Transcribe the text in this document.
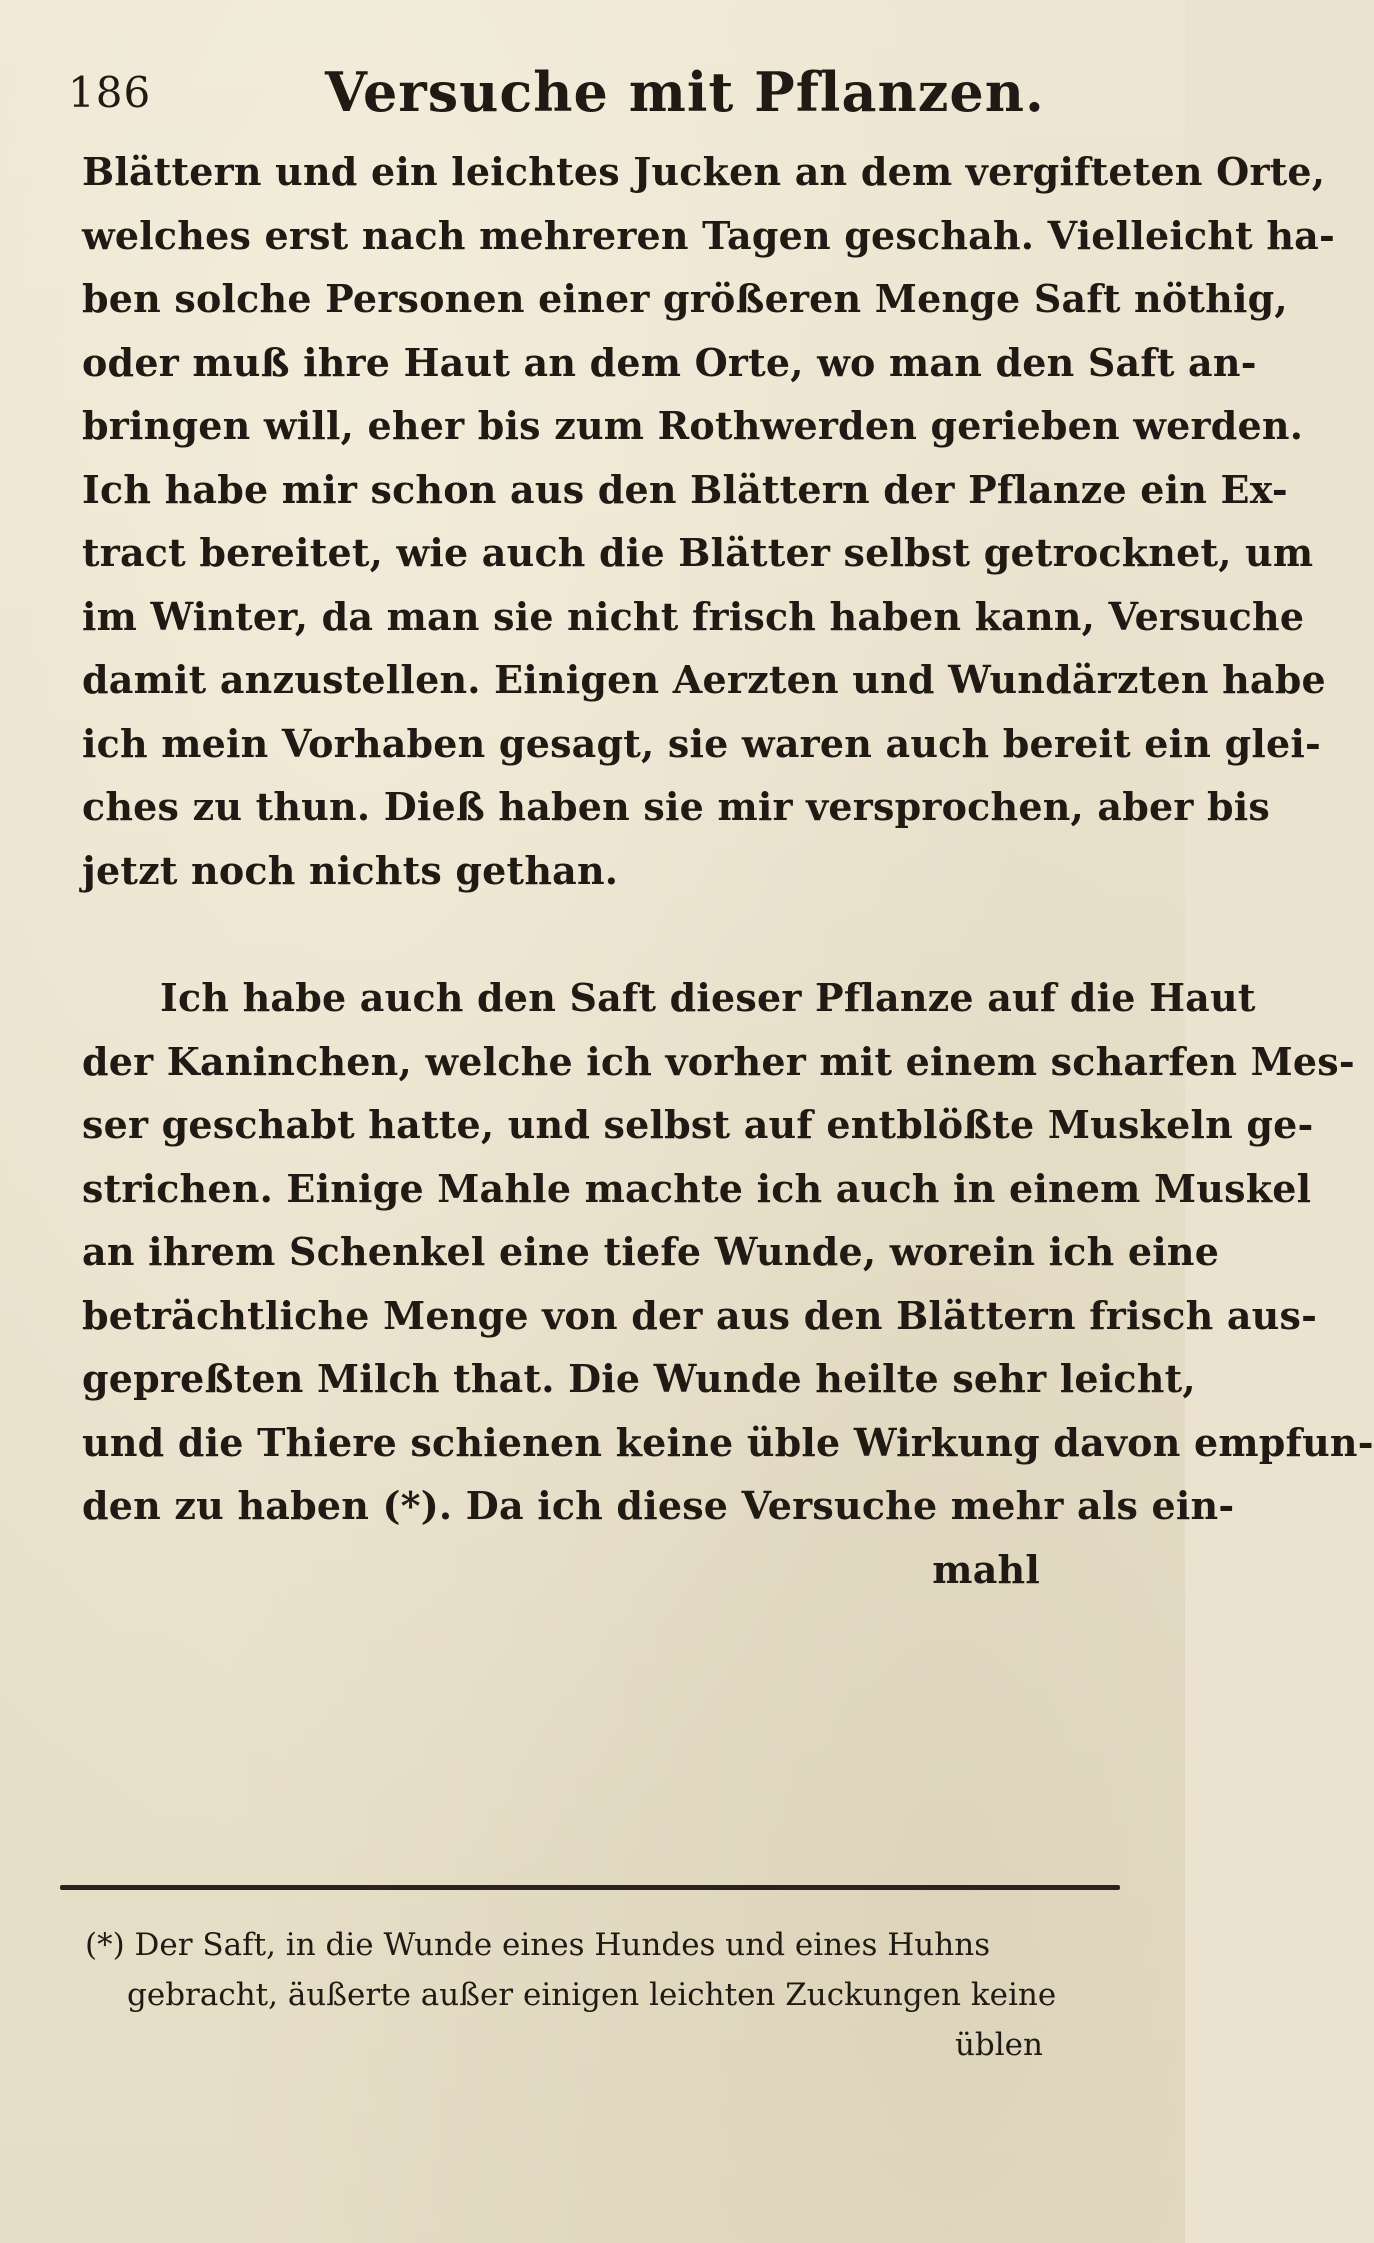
186	Versuche mit Pflanzen.
Blättern und ein leichtes Jucken an dem vergifteten Orte,
welches erst nach mehreren Tagen geschah. Vielleicht ha-
ben solche Personen einer größeren Menge Saft nöthig,
oder muß ihre Haut an dem Orte, wo man den Saft an-
bringen will, eher bis zum Rothwerden gerieben werden.
Ich habe mir schon aus den Blättern der Pflanze ein Ex-
tract bereitet, wie auch die Blätter selbst getrocknet, um
im Winter, da man sie nicht frisch haben kann, Versuche
damit anzustellen. Einigen Aerzten und Wundärzten habe
ich mein Vorhaben gesagt, sie waren auch bereit ein glei-
ches zu thun. Dieß haben sie mir versprochen, aber bis
jetzt noch nichts gethan.
Ich habe auch den Saft dieser Pflanze auf die Haut
der Kaninchen, welche ich vorher mit einem scharfen Mes-
ser geschabt hatte, und selbst auf entblößte Muskeln ge-
strichen. Einige Mahle machte ich auch in einem Muskel
an ihrem Schenkel eine tiefe Wunde, worein ich eine
beträchtliche Menge von der aus den Blättern frisch aus-
gepreßten Milch that. Die Wunde heilte sehr leicht,
und die Thiere schienen keine üble Wirkung davon empfun-
den zu haben (*). Da ich diese Versuche mehr als ein-
mahl
(*) Der Saft, in die Wunde eines Hundes und eines Huhns
gebracht, äußerte außer einigen leichten Zuckungen keine
üblen
